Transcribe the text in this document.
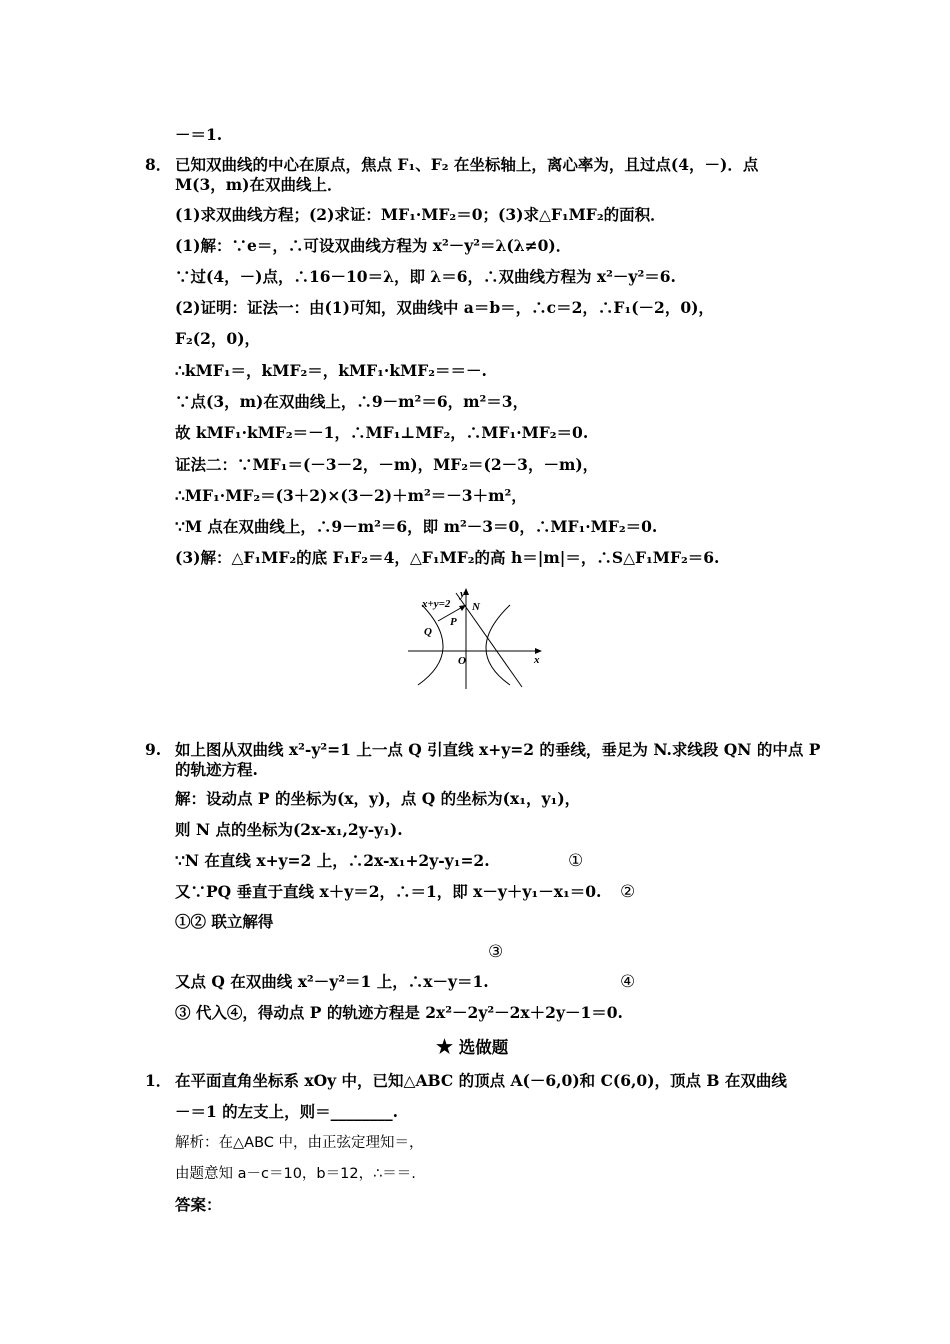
－＝1.
8． 已知双曲线的中心在原点，焦点 F₁、F₂ 在坐标轴上，离心率为，且过点(4，－)．点
M(3，m)在双曲线上．
(1)求双曲线方程；(2)求证：MF₁·MF₂＝0；(3)求△F₁MF₂的面积．
(1)解：∵e＝，∴可设双曲线方程为 x²－y²＝λ(λ≠0)．
∵过(4，－)点，∴16－10＝λ，即 λ＝6，∴双曲线方程为 x²－y²＝6.
(2)证明：证法一：由(1)可知，双曲线中 a＝b＝，∴c＝2，∴F₁(－2，0)，
F₂(2，0)，
∴kMF₁＝，kMF₂＝，kMF₁·kMF₂＝＝－.
∵点(3，m)在双曲线上，∴9－m²＝6，m²＝3，
故 kMF₁·kMF₂＝－1，∴MF₁⊥MF₂，∴MF₁·MF₂＝0.
证法二：∵MF₁＝(－3－2，－m)，MF₂＝(2－3，－m)，
∴MF₁·MF₂＝(3＋2)×(3－2)＋m²＝－3＋m²，
∵M 点在双曲线上，∴9－m²＝6，即 m²－3＝0，∴MF₁·MF₂＝0.
(3)解：△F₁MF₂的底 F₁F₂＝4，△F₁MF₂的高 h＝|m|＝，∴S△F₁MF₂＝6.
x+y=2
y
N
P
Q
O	x
9. 如上图从双曲线 x²-y²=1 上一点 Q 引直线 x+y=2 的垂线，垂足为 N.求线段 QN 的中点 P
的轨迹方程.
解：设动点 P 的坐标为(x，y)，点 Q 的坐标为(x₁，y₁)，
则 N 点的坐标为(2x-x₁,2y-y₁).
∵N 在直线 x+y=2 上，∴2x-x₁+2y-y₁=2.	①
又∵PQ 垂直于直线 x＋y＝2，∴＝1，即 x－y＋y₁－x₁＝0. ②
①② 联立解得
③
又点 Q 在双曲线 x²－y²＝1 上，∴x－y＝1.	④
③ 代入④，得动点 P 的轨迹方程是 2x²－2y²－2x＋2y－1＝0.
★ 选做题
1． 在平面直角坐标系 xOy 中，已知△ABC 的顶点 A(－6,0)和 C(6,0)，顶点 B 在双曲线
－＝1 的左支上，则＝________.
解析：在△ABC 中，由正弦定理知＝，
由题意知 a－c＝10，b＝12，∴＝＝.
答案：
